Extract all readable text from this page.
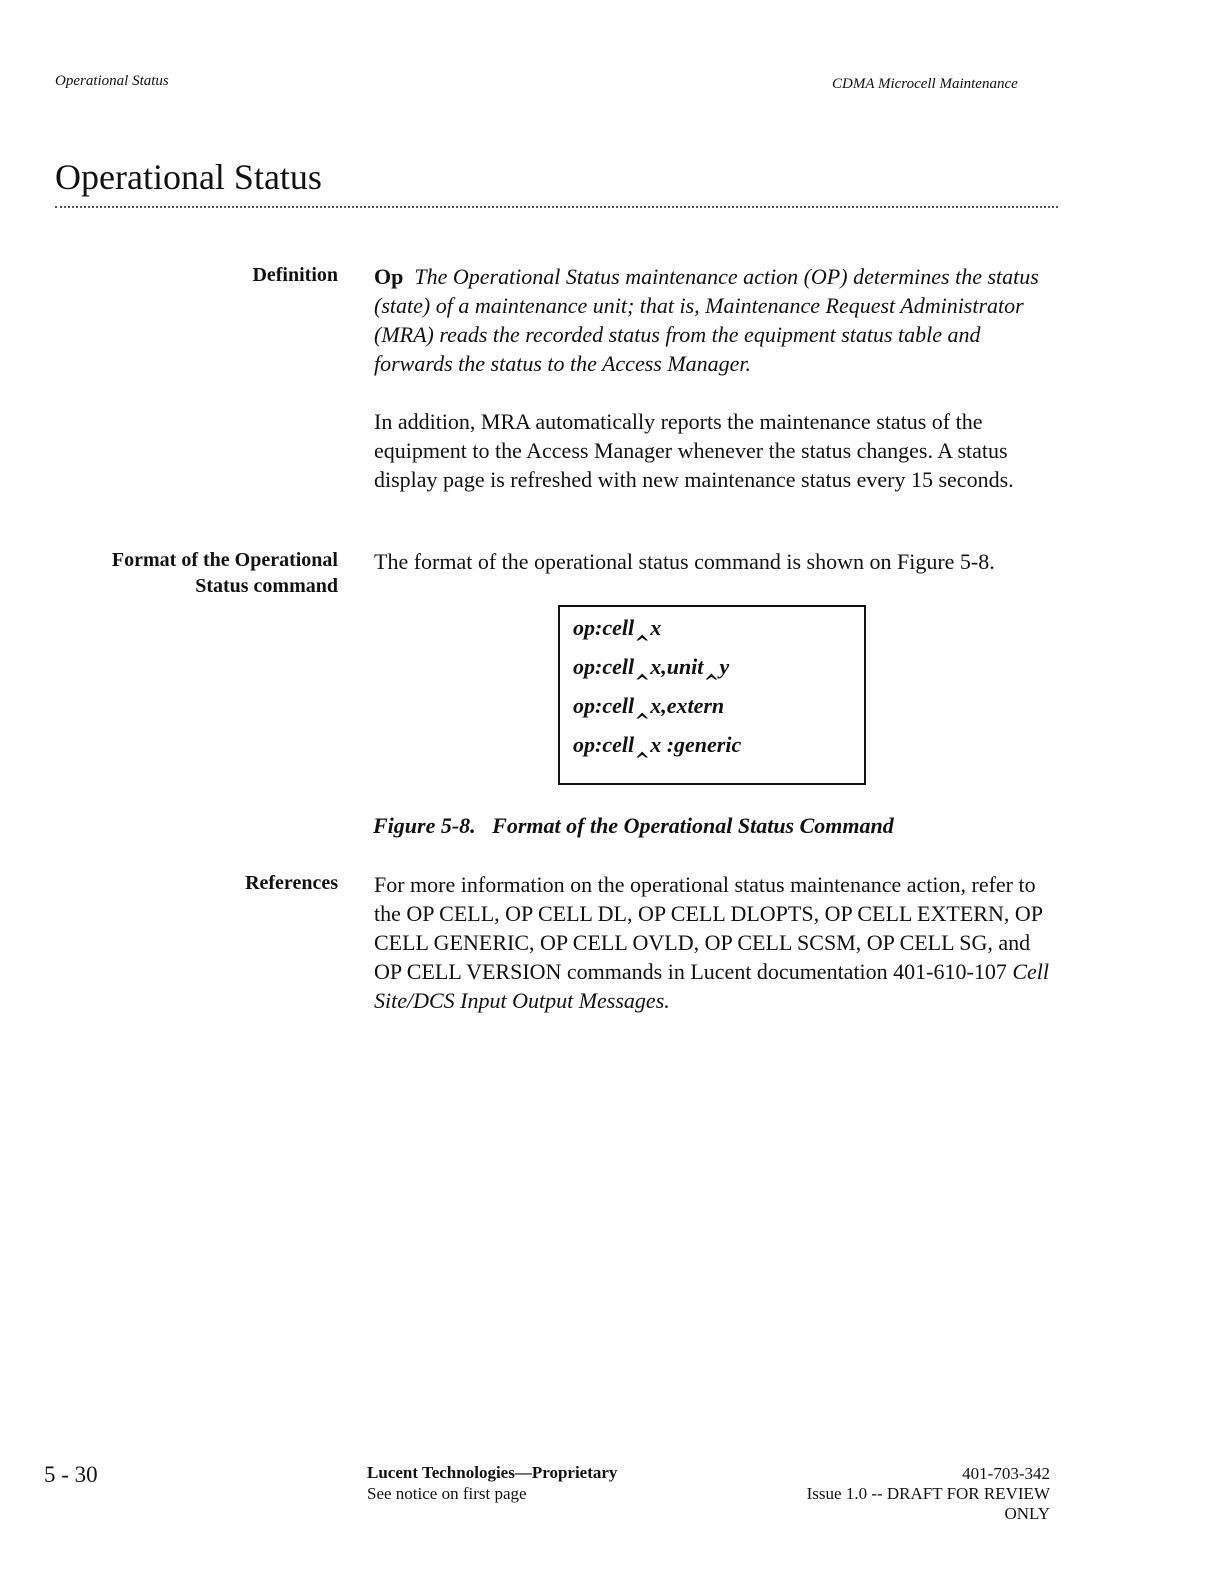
Operational Status	CDMA Microcell Maintenance
Operational Status
Definition Op The Operational Status maintenance action (OP) determines the status (state) of a maintenance unit; that is, Maintenance Request Administrator (MRA) reads the recorded status from the equipment status table and forwards the status to the Access Manager.

In addition, MRA automatically reports the maintenance status of the equipment to the Access Manager whenever the status changes. A status display page is refreshed with new maintenance status every 15 seconds.

Format of the Operational
Status command
The format of the operational status command is shown on Figure 5-8.
op:cell‸x
op:cell‸x,unit‸y
op:cell‸x,extern
op:cell‸x :generic
Figure 5-8.   Format of the Operational Status Command
References For more information on the operational status maintenance action, refer to the OP CELL, OP CELL DL, OP CELL DLOPTS, OP CELL EXTERN, OP CELL GENERIC, OP CELL OVLD, OP CELL SCSM, OP CELL SG, and OP CELL VERSION commands in Lucent documentation 401-610-107 Cell Site/DCS Input Output Messages.
5 - 30	Lucent Technologies—Proprietary
See notice on first page
401-703-342
Issue 1.0 -- DRAFT FOR REVIEW
ONLY
